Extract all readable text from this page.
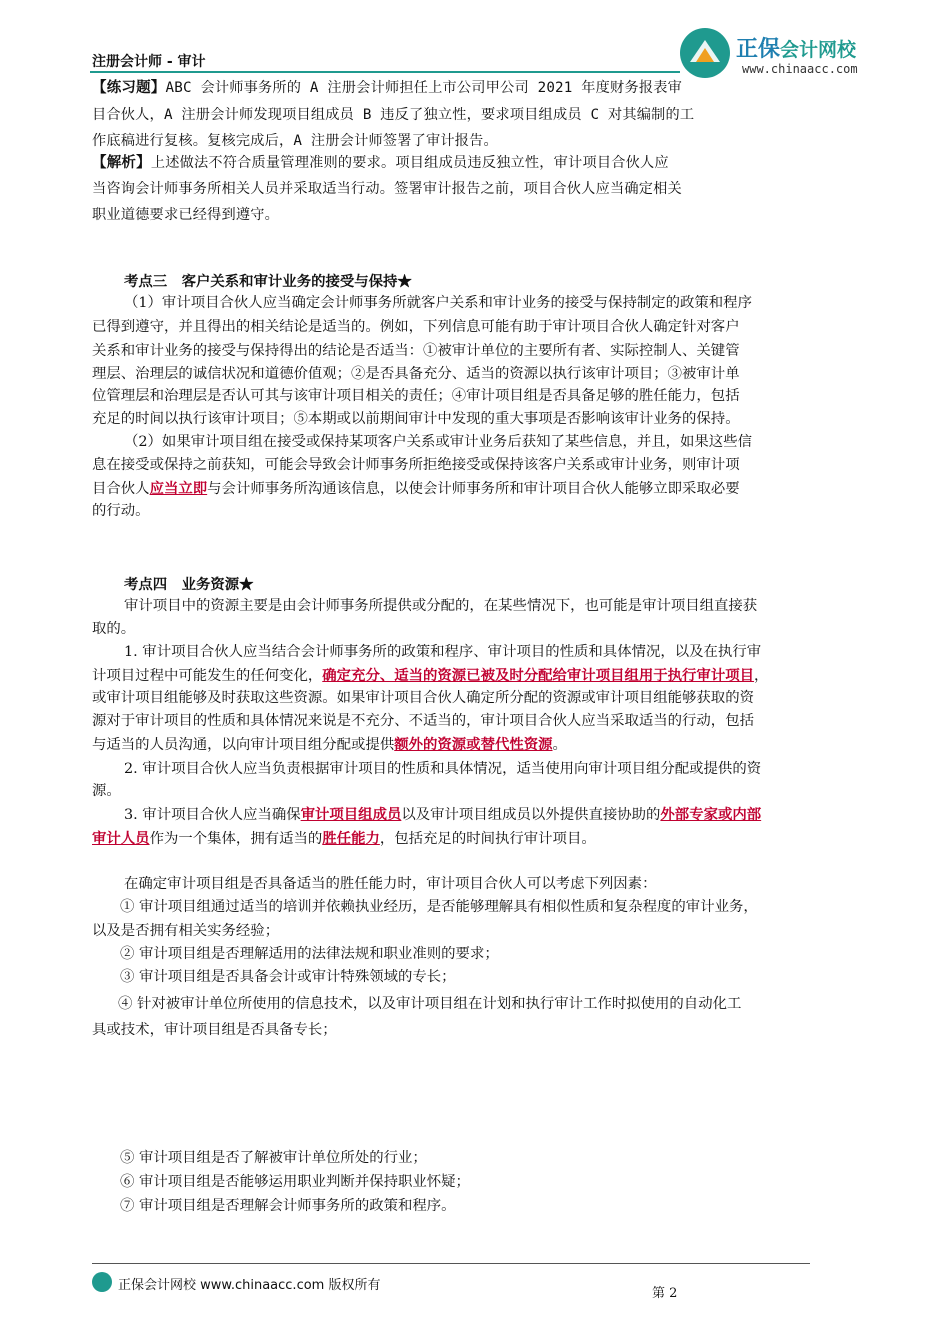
注册会计师 - 审计	正保会计网校
www.chinaacc.com
【练习题】ABC 会计师事务所的 A 注册会计师担任上市公司甲公司 2021 年度财务报表审
目合伙人，A 注册会计师发现项目组成员 B 违反了独立性，要求项目组成员 C 对其编制的工
作底稿进行复核。复核完成后，A 注册会计师签署了审计报告。
【解析】上述做法不符合质量管理准则的要求。项目组成员违反独立性，审计项目合伙人应
当咨询会计师事务所相关人员并采取适当行动。签署审计报告之前，项目合伙人应当确定相关
职业道德要求已经得到遵守。
考点三　客户关系和审计业务的接受与保持★
（1）审计项目合伙人应当确定会计师事务所就客户关系和审计业务的接受与保持制定的政策和程序
已得到遵守，并且得出的相关结论是适当的。例如，下列信息可能有助于审计项目合伙人确定针对客户
关系和审计业务的接受与保持得出的结论是否适当：①被审计单位的主要所有者、实际控制人、关键管
理层、治理层的诚信状况和道德价值观；②是否具备充分、适当的资源以执行该审计项目；③被审计单
位管理层和治理层是否认可其与该审计项目相关的责任；④审计项目组是否具备足够的胜任能力，包括
充足的时间以执行该审计项目；⑤本期或以前期间审计中发现的重大事项是否影响该审计业务的保持。
（2）如果审计项目组在接受或保持某项客户关系或审计业务后获知了某些信息，并且，如果这些信
息在接受或保持之前获知，可能会导致会计师事务所拒绝接受或保持该客户关系或审计业务，则审计项
目合伙人应当立即与会计师事务所沟通该信息，以使会计师事务所和审计项目合伙人能够立即采取必要
的行动。
考点四　业务资源★
审计项目中的资源主要是由会计师事务所提供或分配的，在某些情况下，也可能是审计项目组直接获
取的。
1. 审计项目合伙人应当结合会计师事务所的政策和程序、审计项目的性质和具体情况，以及在执行审
计项目过程中可能发生的任何变化，确定充分、适当的资源已被及时分配给审计项目组用于执行审计项目，
或审计项目组能够及时获取这些资源。如果审计项目合伙人确定所分配的资源或审计项目组能够获取的资
源对于审计项目的性质和具体情况来说是不充分、不适当的，审计项目合伙人应当采取适当的行动，包括
与适当的人员沟通，以向审计项目组分配或提供额外的资源或替代性资源。
2. 审计项目合伙人应当负责根据审计项目的性质和具体情况，适当使用向审计项目组分配或提供的资
源。
3. 审计项目合伙人应当确保审计项目组成员以及审计项目组成员以外提供直接协助的外部专家或内部
审计人员作为一个集体，拥有适当的胜任能力，包括充足的时间执行审计项目。
在确定审计项目组是否具备适当的胜任能力时，审计项目合伙人可以考虑下列因素：
① 审计项目组通过适当的培训并依赖执业经历，是否能够理解具有相似性质和复杂程度的审计业务，
以及是否拥有相关实务经验；
② 审计项目组是否理解适用的法律法规和职业准则的要求；
③ 审计项目组是否具备会计或审计特殊领域的专长；
④ 针对被审计单位所使用的信息技术，以及审计项目组在计划和执行审计工作时拟使用的自动化工
具或技术，审计项目组是否具备专长；
⑤ 审计项目组是否了解被审计单位所处的行业；
⑥ 审计项目组是否能够运用职业判断并保持职业怀疑；
⑦ 审计项目组是否理解会计师事务所的政策和程序。
正保会计网校 www.chinaacc.com 版权所有
第 2
